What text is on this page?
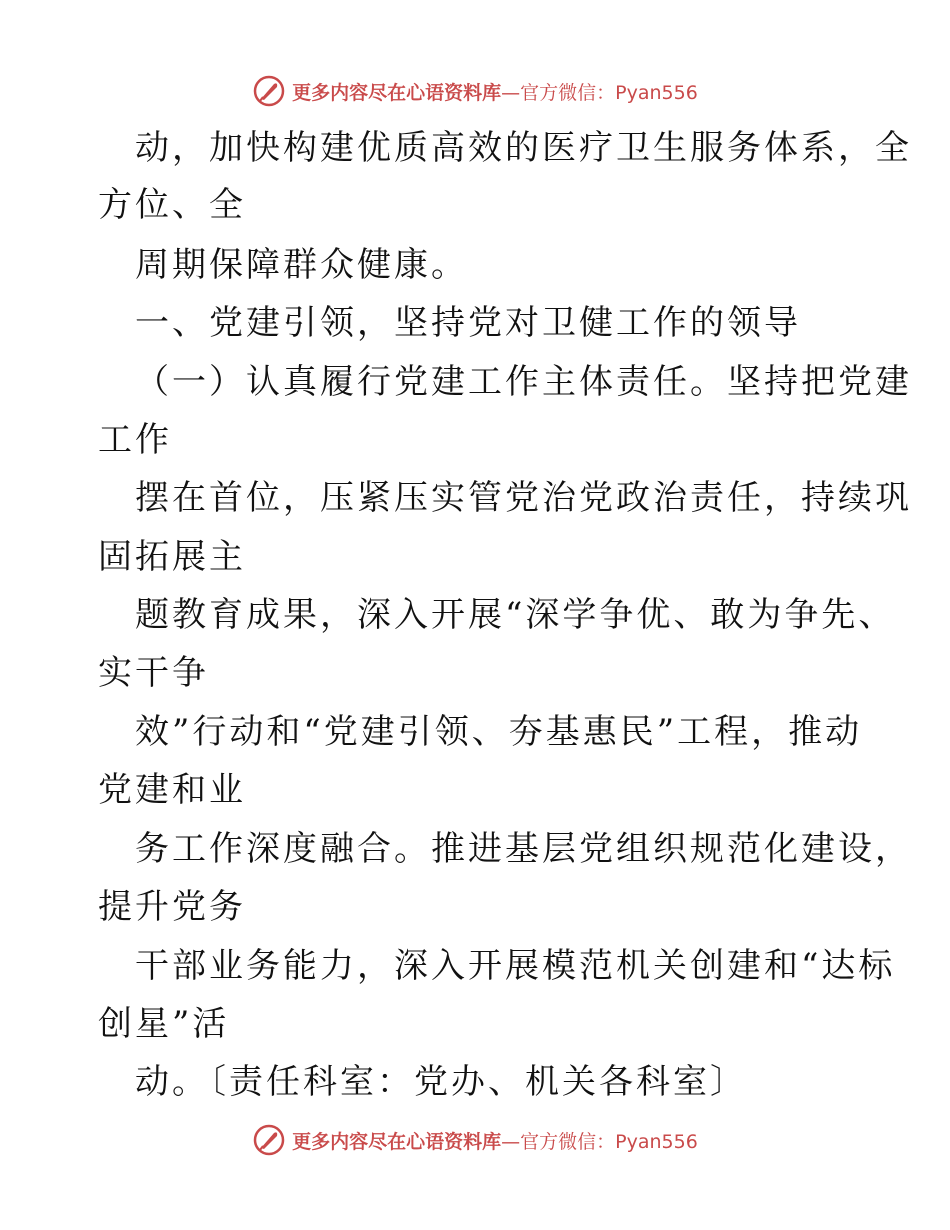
更多内容尽在心语资料库—官方微信：Pyan556
动，加快构建优质高效的医疗卫生服务体系，全
方位、全
周期保障群众健康。
一、党建引领，坚持党对卫健工作的领导
（一）认真履行党建工作主体责任。坚持把党建
工作
摆在首位，压紧压实管党治党政治责任，持续巩
固拓展主
题教育成果，深入开展“深学争优、敢为争先、
实干争
效”行动和“党建引领、夯基惠民”工程，推动
党建和业
务工作深度融合。推进基层党组织规范化建设，
提升党务
干部业务能力，深入开展模范机关创建和“达标
创星”活
动。〔责任科室：党办、机关各科室〕
更多内容尽在心语资料库—官方微信：Pyan556
